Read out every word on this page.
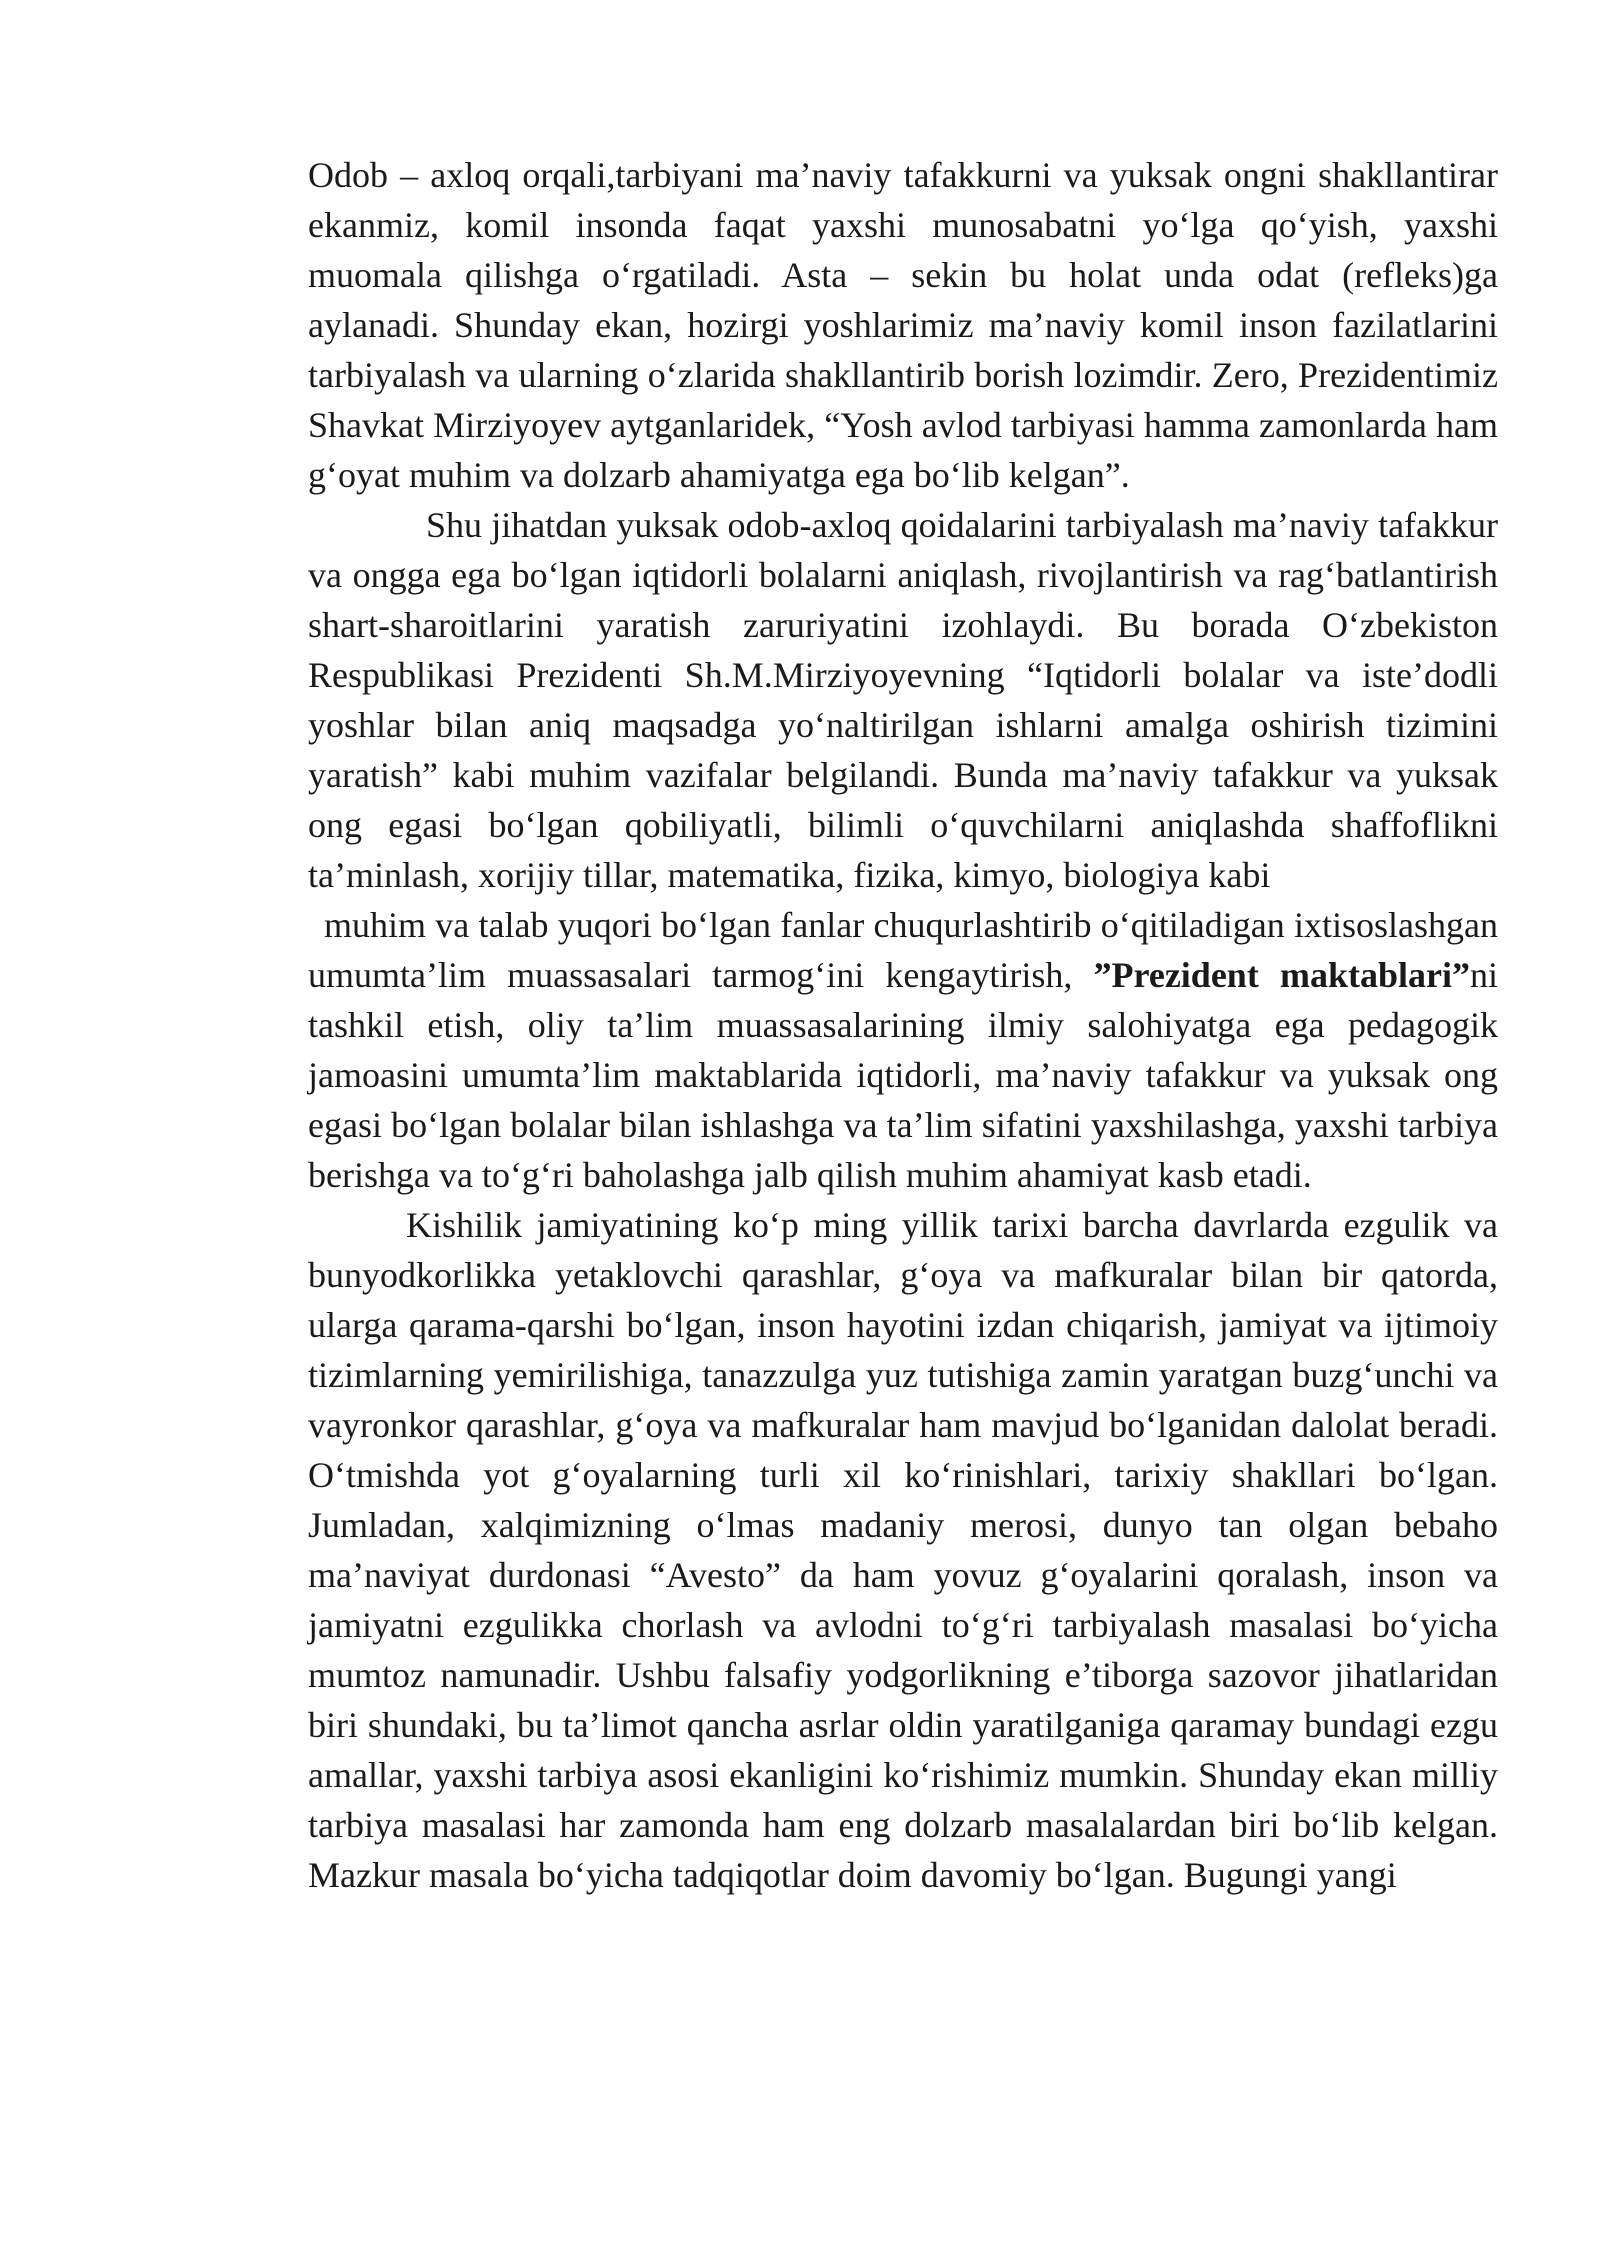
Odob – axloq orqali,tarbiyani ma’naviy tafakkurni va yuksak ongni shakllantirar ekanmiz, komil insonda faqat yaxshi munosabatni yo‘lga qo‘yish, yaxshi muomala qilishga o‘rgatiladi. Asta – sekin bu holat unda odat (refleks)ga aylanadi. Shunday ekan, hozirgi yoshlarimiz ma’naviy komil inson fazilatlarini tarbiyalash va ularning o‘zlarida shakllantirib borish lozimdir. Zero, Prezidentimiz Shavkat Mirziyoyev aytganlaridek, “Yosh avlod tarbiyasi hamma zamonlarda ham g‘oyat muhim va dolzarb ahamiyatga ega bo‘lib kelgan”.

Shu jihatdan yuksak odob-axloq qoidalarini tarbiyalash ma’naviy tafakkur va ongga ega bo‘lgan iqtidorli bolalarni aniqlash, rivojlantirish va rag‘batlantirish shart-sharoitlarini yaratish zaruriyatini izohlaydi. Bu borada O‘zbekiston Respublikasi Prezidenti Sh.M.Mirziyoyevning “Iqtidorli bolalar va iste’dodli yoshlar bilan aniq maqsadga yo‘naltirilgan ishlarni amalga oshirish tizimini yaratish” kabi muhim vazifalar belgilandi. Bunda ma’naviy tafakkur va yuksak ong egasi bo‘lgan qobiliyatli, bilimli o‘quvchilarni aniqlashda shaffoflikni ta’minlash, xorijiy tillar, matematika, fizika, kimyo, biologiya kabi

muhim va talab yuqori bo‘lgan fanlar chuqurlashtirib o‘qitiladigan ixtisoslashgan umumta’lim muassasalari tarmog‘ini kengaytirish, ”Prezident maktablari”ni tashkil etish, oliy ta’lim muassasalarining ilmiy salohiyatga ega pedagogik jamoasini umumta’lim maktablarida iqtidorli, ma’naviy tafakkur va yuksak ong egasi bo‘lgan bolalar bilan ishlashga va ta’lim sifatini yaxshilashga, yaxshi tarbiya berishga va to‘g‘ri baholashga jalb qilish muhim ahamiyat kasb etadi.

Kishilik jamiyatining ko‘p ming yillik tarixi barcha davrlarda ezgulik va bunyodkorlikka yetaklovchi qarashlar, g‘oya va mafkuralar bilan bir qatorda, ularga qarama-qarshi bo‘lgan, inson hayotini izdan chiqarish, jamiyat va ijtimoiy tizimlarning yemirilishiga, tanazzulga yuz tutishiga zamin yaratgan buzg‘unchi va vayronkor qarashlar, g‘oya va mafkuralar ham mavjud bo‘lganidan dalolat beradi. O‘tmishda yot g‘oyalarning turli xil ko‘rinishlari, tarixiy shakllari bo‘lgan. Jumladan, xalqimizning o‘lmas madaniy merosi, dunyo tan olgan bebaho ma’naviyat durdonasi “Avesto” da ham yovuz g‘oyalarini qoralash, inson va jamiyatni ezgulikka chorlash va avlodni to‘g‘ri tarbiyalash masalasi bo‘yicha mumtoz namunadir. Ushbu falsafiy yodgorlikning e’tiborga sazovor jihatlaridan biri shundaki, bu ta’limot qancha asrlar oldin yaratilganiga qaramay bundagi ezgu amallar, yaxshi tarbiya asosi ekanligini ko‘rishimiz mumkin. Shunday ekan milliy tarbiya masalasi har zamonda ham eng dolzarb masalalardan biri bo‘lib kelgan. Mazkur masala bo‘yicha tadqiqotlar doim davomiy bo‘lgan. Bugungi yangi
